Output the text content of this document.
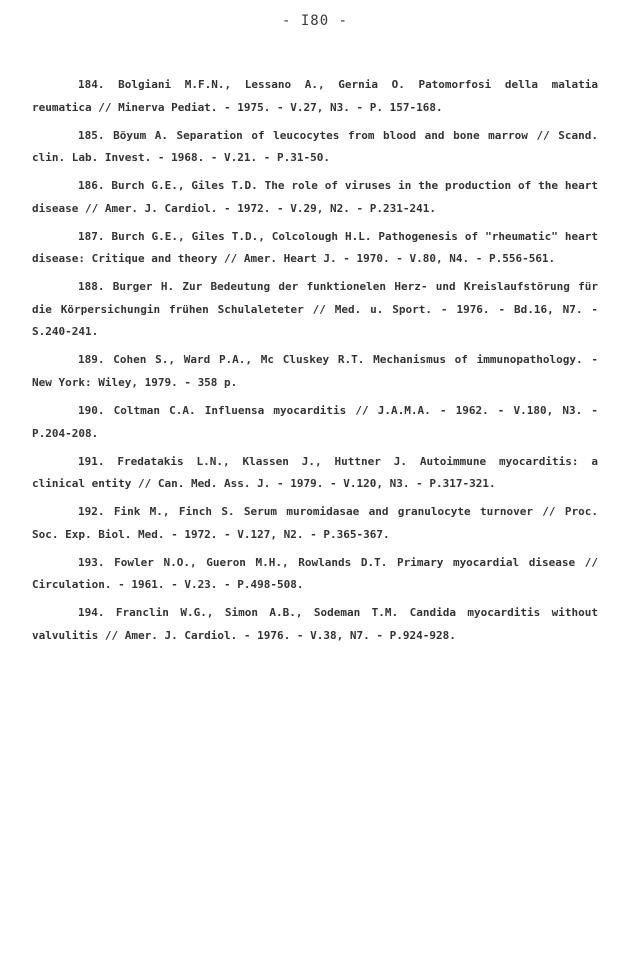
- I80 -

184. Bolgiani M.F.N., Lessano A., Gernia O. Patomorfosi della malatia reumatica // Minerva Pediat. - 1975. - V.27, N3. - P. 157-168.

185. Böyum A. Separation of leucocytes from blood and bone marrow // Scand. clin. Lab. Invest. - 1968. - V.21. - P.31-50.

186. Burch G.E., Giles T.D. The role of viruses in the production of the heart disease // Amer. J. Cardiol. - 1972. - V.29, N2. - P.231-241.

187. Burch G.E., Giles T.D., Colcolough H.L. Pathogenesis of "rheumatic" heart disease: Critique and theory // Amer. Heart J. - 1970. - V.80, N4. - P.556-561.

188. Burger H. Zur Bedeutung der funktionelen Herz- und Kreislaufstörung für die Körpersichungin frühen Schulaleteter // Med. u. Sport. - 1976. - Bd.16, N7. - S.240-241.

189. Cohen S., Ward P.A., Mc Cluskey R.T. Mechanismus of immunopathology. - New York: Wiley, 1979. - 358 p.

190. Coltman C.A. Influensa myocarditis // J.A.M.A. - 1962. - V.180, N3. - P.204-208.

191. Fredatakis L.N., Klassen J., Huttner J. Autoimmune myocarditis: a clinical entity // Can. Med. Ass. J. - 1979. - V.120, N3. - P.317-321.

192. Fink M., Finch S. Serum muromidasae and granulocyte turnover // Proc. Soc. Exp. Biol. Med. - 1972. - V.127, N2. - P.365-367.

193. Fowler N.O., Gueron M.H., Rowlands D.T. Primary myocardial disease // Circulation. - 1961. - V.23. - P.498-508.

194. Franclin W.G., Simon A.B., Sodeman T.M. Candida myocarditis without valvulitis // Amer. J. Cardiol. - 1976. - V.38, N7. - P.924-928.
